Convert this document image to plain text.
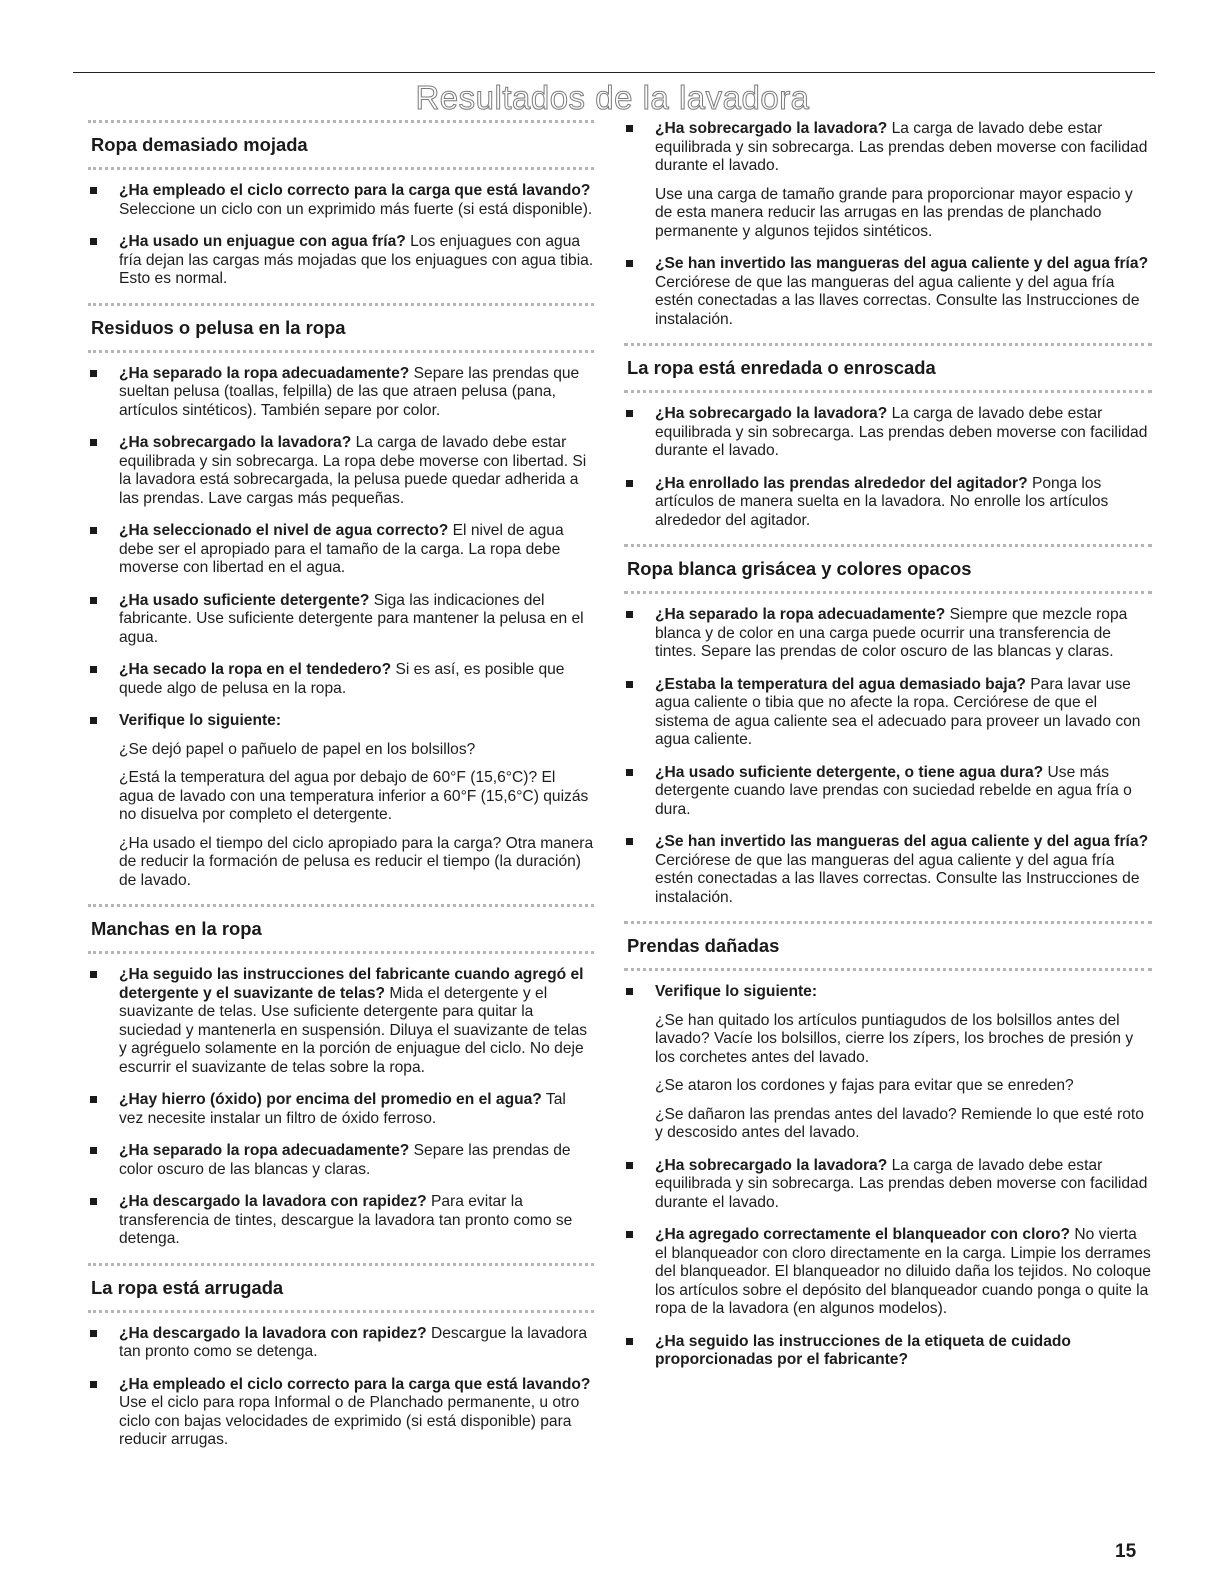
Resultados de la lavadora
Ropa demasiado mojada
¿Ha empleado el ciclo correcto para la carga que está lavando? Seleccione un ciclo con un exprimido más fuerte (si está disponible).
¿Ha usado un enjuague con agua fría? Los enjuagues con agua fría dejan las cargas más mojadas que los enjuagues con agua tibia. Esto es normal.
Residuos o pelusa en la ropa
¿Ha separado la ropa adecuadamente? Separe las prendas que sueltan pelusa (toallas, felpilla) de las que atraen pelusa (pana, artículos sintéticos). También separe por color.
¿Ha sobrecargado la lavadora? La carga de lavado debe estar equilibrada y sin sobrecarga. La ropa debe moverse con libertad. Si la lavadora está sobrecargada, la pelusa puede quedar adherida a las prendas. Lave cargas más pequeñas.
¿Ha seleccionado el nivel de agua correcto? El nivel de agua debe ser el apropiado para el tamaño de la carga. La ropa debe moverse con libertad en el agua.
¿Ha usado suficiente detergente? Siga las indicaciones del fabricante. Use suficiente detergente para mantener la pelusa en el agua.
¿Ha secado la ropa en el tendedero? Si es así, es posible que quede algo de pelusa en la ropa.
Verifique lo siguiente:

¿Se dejó papel o pañuelo de papel en los bolsillos?

¿Está la temperatura del agua por debajo de 60°F (15,6°C)? El agua de lavado con una temperatura inferior a 60°F (15,6°C) quizás no disuelva por completo el detergente.

¿Ha usado el tiempo del ciclo apropiado para la carga? Otra manera de reducir la formación de pelusa es reducir el tiempo (la duración) de lavado.

Manchas en la ropa
¿Ha seguido las instrucciones del fabricante cuando agregó el detergente y el suavizante de telas? Mida el detergente y el suavizante de telas. Use suficiente detergente para quitar la suciedad y mantenerla en suspensión. Diluya el suavizante de telas y agréguelo solamente en la porción de enjuague del ciclo. No deje escurrir el suavizante de telas sobre la ropa.
¿Hay hierro (óxido) por encima del promedio en el agua? Tal vez necesite instalar un filtro de óxido ferroso.
¿Ha separado la ropa adecuadamente? Separe las prendas de color oscuro de las blancas y claras.
¿Ha descargado la lavadora con rapidez? Para evitar la transferencia de tintes, descargue la lavadora tan pronto como se detenga.
La ropa está arrugada
¿Ha descargado la lavadora con rapidez? Descargue la lavadora tan pronto como se detenga.
¿Ha empleado el ciclo correcto para la carga que está lavando? Use el ciclo para ropa Informal o de Planchado permanente, u otro ciclo con bajas velocidades de exprimido (si está disponible) para reducir arrugas.
¿Ha sobrecargado la lavadora? La carga de lavado debe estar equilibrada y sin sobrecarga. Las prendas deben moverse con facilidad durante el lavado.

Use una carga de tamaño grande para proporcionar mayor espacio y de esta manera reducir las arrugas en las prendas de planchado permanente y algunos tejidos sintéticos.

¿Se han invertido las mangueras del agua caliente y del agua fría? Cerciórese de que las mangueras del agua caliente y del agua fría estén conectadas a las llaves correctas. Consulte las Instrucciones de instalación.
La ropa está enredada o enroscada
¿Ha sobrecargado la lavadora? La carga de lavado debe estar equilibrada y sin sobrecarga. Las prendas deben moverse con facilidad durante el lavado.
¿Ha enrollado las prendas alrededor del agitador? Ponga los artículos de manera suelta en la lavadora. No enrolle los artículos alrededor del agitador.
Ropa blanca grisácea y colores opacos
¿Ha separado la ropa adecuadamente? Siempre que mezcle ropa blanca y de color en una carga puede ocurrir una transferencia de tintes. Separe las prendas de color oscuro de las blancas y claras.
¿Estaba la temperatura del agua demasiado baja? Para lavar use agua caliente o tibia que no afecte la ropa. Cerciórese de que el sistema de agua caliente sea el adecuado para proveer un lavado con agua caliente.
¿Ha usado suficiente detergente, o tiene agua dura? Use más detergente cuando lave prendas con suciedad rebelde en agua fría o dura.
¿Se han invertido las mangueras del agua caliente y del agua fría? Cerciórese de que las mangueras del agua caliente y del agua fría estén conectadas a las llaves correctas. Consulte las Instrucciones de instalación.
Prendas dañadas
Verifique lo siguiente:

¿Se han quitado los artículos puntiagudos de los bolsillos antes del lavado? Vacíe los bolsillos, cierre los zípers, los broches de presión y los corchetes antes del lavado.

¿Se ataron los cordones y fajas para evitar que se enreden?

¿Se dañaron las prendas antes del lavado? Remiende lo que esté roto y descosido antes del lavado.

¿Ha sobrecargado la lavadora? La carga de lavado debe estar equilibrada y sin sobrecarga. Las prendas deben moverse con facilidad durante el lavado.
¿Ha agregado correctamente el blanqueador con cloro? No vierta el blanqueador con cloro directamente en la carga. Limpie los derrames del blanqueador. El blanqueador no diluido daña los tejidos. No coloque los artículos sobre el depósito del blanqueador cuando ponga o quite la ropa de la lavadora (en algunos modelos).
¿Ha seguido las instrucciones de la etiqueta de cuidado proporcionadas por el fabricante?
15
